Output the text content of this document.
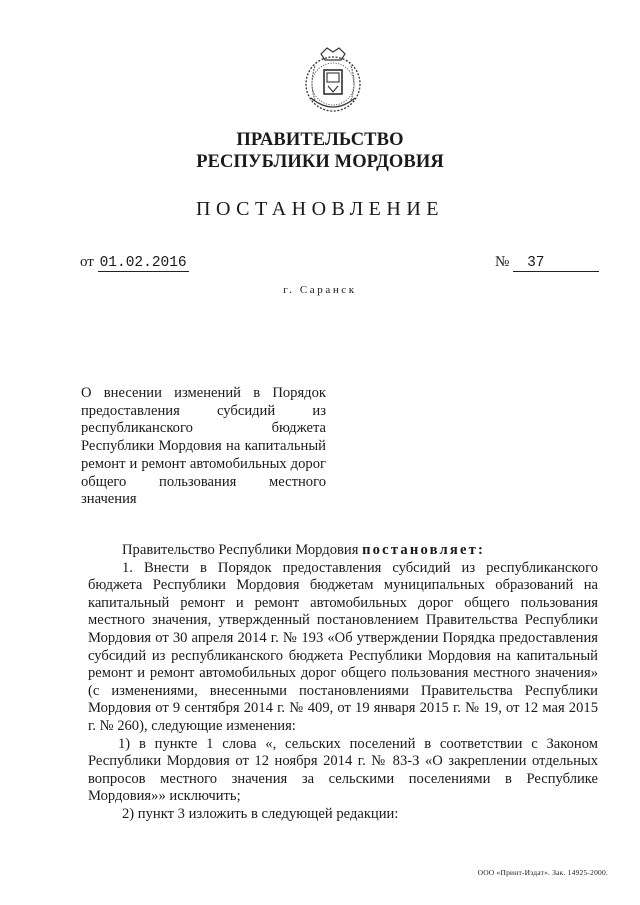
ПРАВИТЕЛЬСТВО
РЕСПУБЛИКИ МОРДОВИЯ
ПОСТАНОВЛЕНИЕ
от 01.02.2016	№ 37
г. Саранск
О внесении изменений в Порядок предоставления субсидий из республиканского бюджета Республики Мордовия на капитальный ремонт и ремонт автомобильных дорог общего пользования местного значения

Правительство Республики Мордовия постановляет:

1. Внести в Порядок предоставления субсидий из республиканского бюджета Республики Мордовия бюджетам муниципальных образований на капитальный ремонт и ремонт автомобильных дорог общего пользования местного значения, утвержденный постановлением Правительства Республики Мордовия от 30 апреля 2014 г. № 193 «Об утверждении Порядка предоставления субсидий из республиканского бюджета Республики Мордовия на капитальный ремонт и ремонт автомобильных дорог общего пользования местного значения» (с изменениями, внесенными постановлениями Правительства Республики Мордовия от 9 сентября 2014 г. № 409, от 19 января 2015 г. № 19, от 12 мая 2015 г. № 260), следующие изменения:

1) в пункте 1 слова «, сельских поселений в соответствии с Законом Республики Мордовия от 12 ноября 2014 г. № 83-З «О закреплении отдельных вопросов местного значения за сельскими поселениями в Республике Мордовия»» исключить;

2) пункт 3 изложить в следующей редакции:

ООО «Принт-Издат». Зак. 14925-2000.
